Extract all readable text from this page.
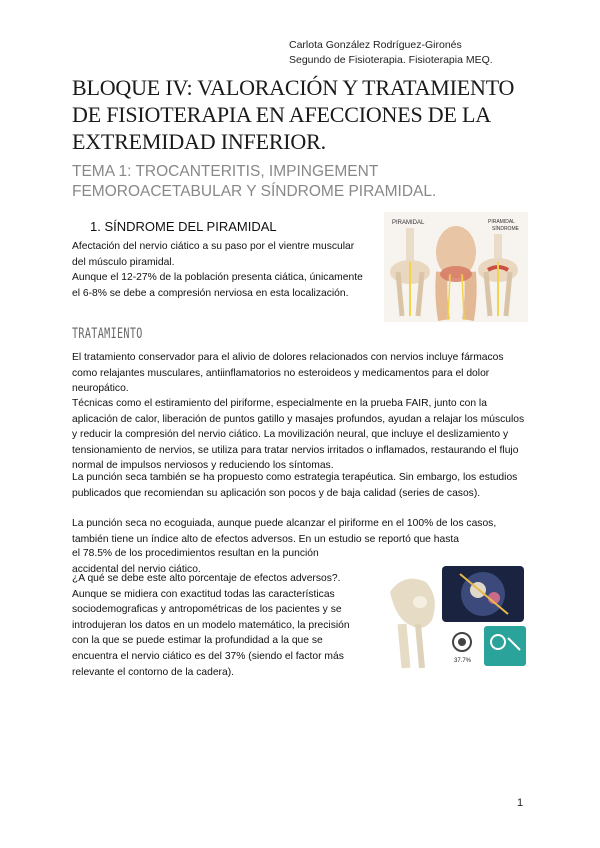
Carlota González Rodríguez-Gironés
Segundo de Fisioterapia. Fisioterapia MEQ.
BLOQUE IV: VALORACIÓN Y TRATAMIENTO DE FISIOTERAPIA EN AFECCIONES DE LA EXTREMIDAD INFERIOR.
TEMA 1: TROCANTERITIS, IMPINGEMENT FEMOROACETABULAR Y SÍNDROME PIRAMIDAL.
1. SÍNDROME DEL PIRAMIDAL
Afectación del nervio ciático a su paso por el vientre muscular del músculo piramidal.
Aunque el 12-27% de la población presenta ciática, únicamente el 6-8% se debe a compresión nerviosa en esta localización.
PIRAMIDAL	PIRAMIDAL
SÍNDROME
TRATAMIENTO
El tratamiento conservador para el alivio de dolores relacionados con nervios incluye fármacos como relajantes musculares, antiinflamatorios no esteroideos y medicamentos para el dolor neuropático.
Técnicas como el estiramiento del piriforme, especialmente en la prueba FAIR, junto con la aplicación de calor, liberación de puntos gatillo y masajes profundos, ayudan a relajar los músculos y reducir la compresión del nervio ciático. La movilización neural, que incluye el deslizamiento y tensionamiento de nervios, se utiliza para tratar nervios irritados o inflamados, restaurando el flujo normal de impulsos nerviosos y reduciendo los síntomas.
La punción seca también se ha propuesto como estrategia terapéutica. Sin embargo, los estudios publicados que recomiendan su aplicación son pocos y de baja calidad (series de casos).
La punción seca no ecoguiada, aunque puede alcanzar el piriforme en el 100% de los casos, también tiene un índice alto de efectos adversos. En un estudio se reportó que hasta
el 78.5% de los procedimientos resultan en la punción accidental del nervio ciático.
¿A qué se debe este alto porcentaje de efectos adversos?. Aunque se midiera con exactitud todas las características sociodemograficas y antropométricas de los pacientes y se introdujeran los datos en un modelo matemático, la precisión con la que se puede estimar la profundidad a la que se encuentra el nervio ciático es del 37% (siendo el factor más relevante el contorno de la cadera).
37.7%
1
